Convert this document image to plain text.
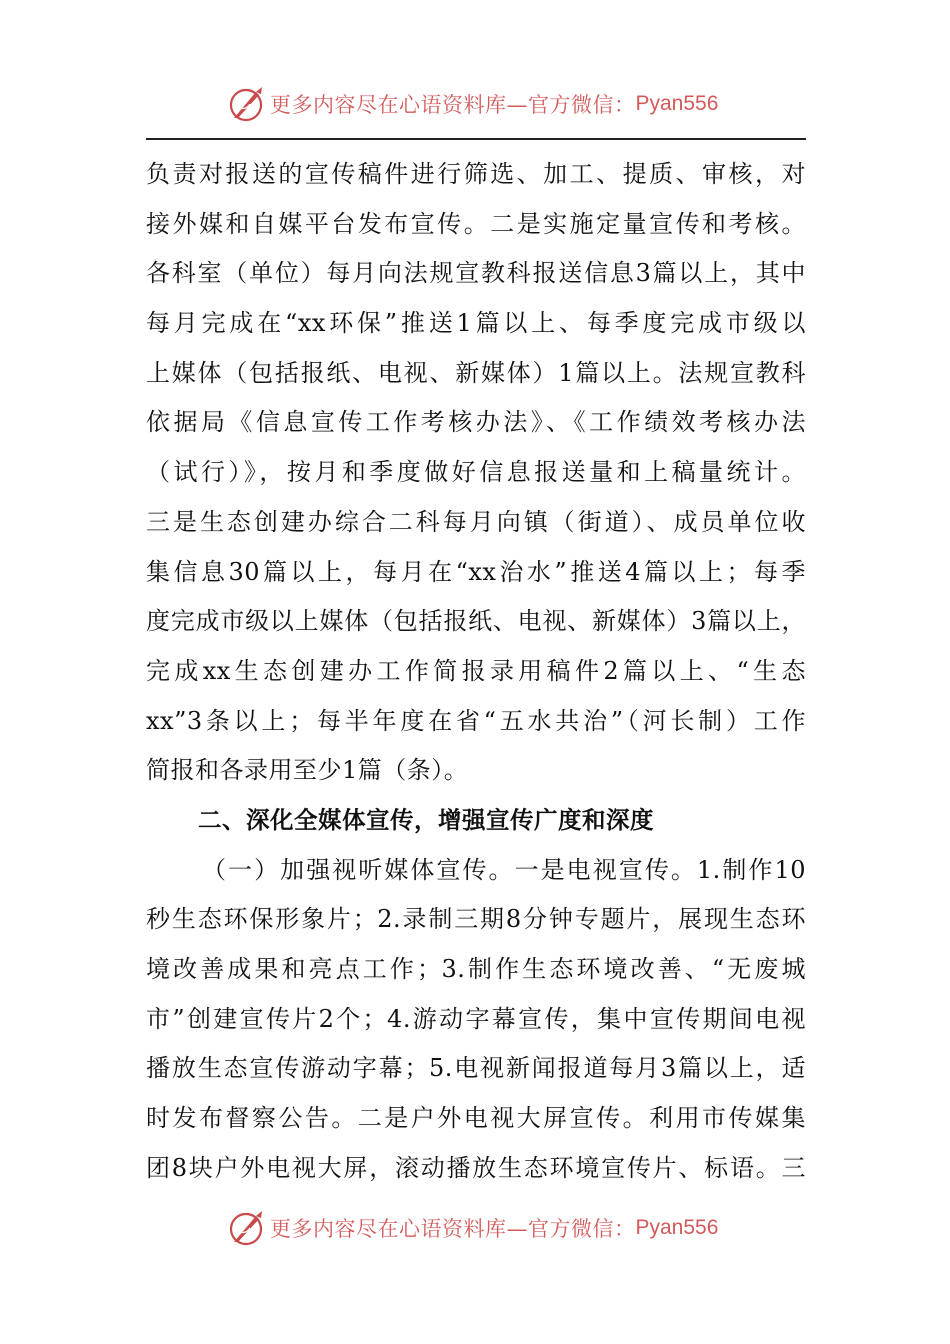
更多内容尽在心语资料库—官方微信： Pyan556
负责对报送的宣传稿件进行筛选、加工、提质、审核，对
接外媒和自媒平台发布宣传。二是实施定量宣传和考核。
各科室（单位）每月向法规宣教科报送信息3篇以上，其中
每月完成在“xx环保”推送1篇以上、每季度完成市级以
上媒体（包括报纸、电视、新媒体）1篇以上。法规宣教科
依据局《信息宣传工作考核办法》、《工作绩效考核办法
（试行）》，按月和季度做好信息报送量和上稿量统计。
三是生态创建办综合二科每月向镇（街道）、成员单位收
集信息30篇以上，每月在“xx治水”推送4篇以上；每季
度完成市级以上媒体（包括报纸、电视、新媒体）3篇以上，
完成xx生态创建办工作简报录用稿件2篇以上、“生态
xx”3条以上；每半年度在省“五水共治”（河长制）工作
简报和各录用至少1篇（条）。
二、深化全媒体宣传，增强宣传广度和深度
（一）加强视听媒体宣传。一是电视宣传。1.制作10
秒生态环保形象片；2.录制三期8分钟专题片，展现生态环
境改善成果和亮点工作；3.制作生态环境改善、“无废城
市”创建宣传片2个；4.游动字幕宣传，集中宣传期间电视
播放生态宣传游动字幕；5.电视新闻报道每月3篇以上，适
时发布督察公告。二是户外电视大屏宣传。利用市传媒集
团8块户外电视大屏，滚动播放生态环境宣传片、标语。三
更多内容尽在心语资料库—官方微信： Pyan556
